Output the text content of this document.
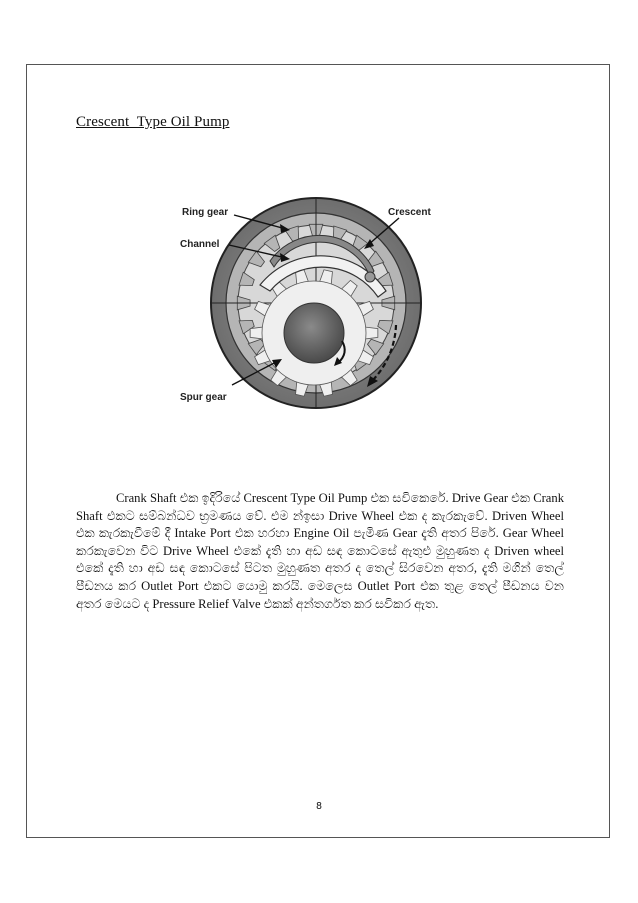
Crescent  Type Oil Pump
Ring gear
Channel
Crescent
Spur gear

Crank Shaft එක ඉදිරියේ Crescent Type Oil Pump එක සවිකෙරේ. Drive Gear එක Crank Shaft එකට සම්බන්ධව භ්‍රමණය වේ. එම න්ඉසා Drive Wheel එක ද කැරකැවේ. Driven Wheel එක කැරකැවීමේ දී Intake Port එක හරහා Engine Oil පැමිණ Gear දැති අතර පිරේ. Gear Wheel කරකැවෙන විට Drive Wheel එකේ දැති හා අඩ සඳ කොටසේ ඇතුළු මුහුණත ද Driven wheel එකේ දැති හා අඩ සඳ කොටසේ පිටත මුහුණත අතර ද තෙල් සිරවෙන අතර, දැති මගින් තෙල් පීඩනය කර Outlet Port එකට යොමු කරයි. මෙලෙස Outlet Port එක තුළ තෙල් පීඩනය වන අතර මෙයට ද Pressure Relief Valve එකක් අන්තර්ගත කර සවිකර ඇත.

8
